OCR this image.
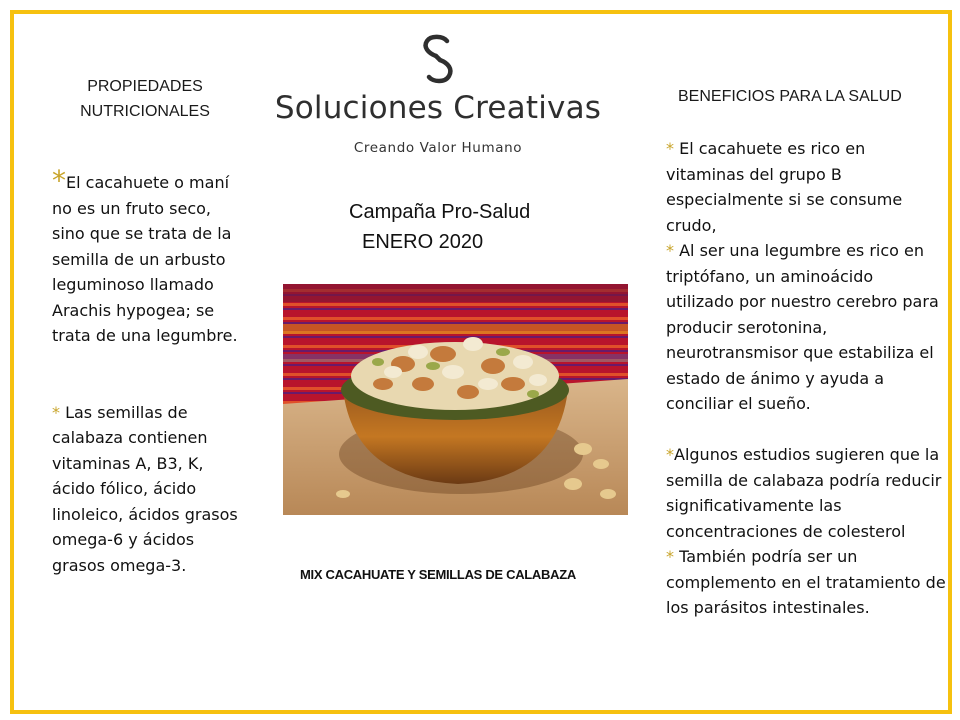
PROPIEDADES
NUTRICIONALES

*El cacahuete o maní no es un fruto seco, sino que se trata de la semilla de un arbusto leguminoso llamado Arachis hypogea; se trata de una legumbre.

* Las semillas de calabaza contienen vitaminas A, B3, K, ácido fólico, ácido linoleico, ácidos grasos omega-6 y ácidos grasos omega-3.

Soluciones Creativas
Creando Valor Humano
Campaña Pro-Salud
ENERO 2020
MIX CACAHUATE Y SEMILLAS DE CALABAZA
BENEFICIOS PARA LA SALUD

* El cacahuete es rico en vitaminas del grupo B especialmente si se consume crudo,

* Al ser una legumbre es rico en triptófano, un aminoácido utilizado por nuestro cerebro para producir serotonina, neurotransmisor que estabiliza el estado de ánimo y ayuda a conciliar el sueño.

*Algunos estudios sugieren que la semilla de calabaza podría reducir significativamente las concentraciones de colesterol

* También podría ser un complemento en el tratamiento de los parásitos intestinales.
